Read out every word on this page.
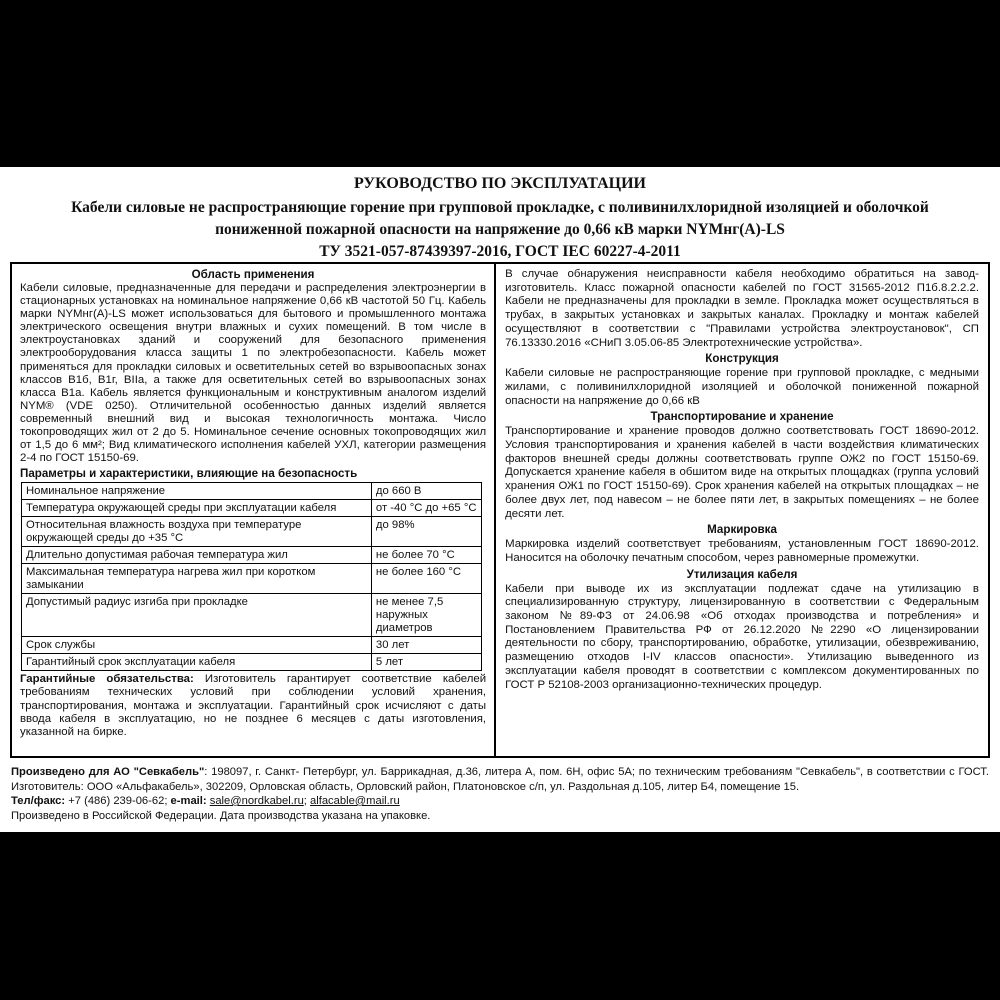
РУКОВОДСТВО ПО ЭКСПЛУАТАЦИИ
Кабели силовые не распространяющие горение при групповой прокладке, с поливинилхлоридной изоляцией и оболочкой пониженной пожарной опасности на напряжение до 0,66 кВ марки NYMнг(А)-LS
ТУ 3521-057-87439397-2016, ГОСТ IEC 60227-4-2011
Область применения

Кабели силовые, предназначенные для передачи и распределения электроэнергии в стационарных установках на номинальное напряжение 0,66 кВ частотой 50 Гц. Кабель марки NYMнг(А)-LS может использоваться для бытового и промышленного монтажа электрического освещения внутри влажных и сухих помещений. В том числе в электроустановках зданий и сооружений для безопасного применения электрооборудования класса защиты 1 по электробезопасности. Кабель может применяться для прокладки силовых и осветительных сетей во взрывоопасных зонах классов В1б, В1г, ВIIа, а также для осветительных сетей во взрывоопасных зонах класса В1а. Кабель является функциональным и конструктивным аналогом изделий NYM® (VDE 0250). Отличительной особенностью данных изделий является современный внешний вид и высокая технологичность монтажа. Число токопроводящих жил от 2 до 5. Номинальное сечение основных токопроводящих жил от 1,5 до 6 мм²; Вид климатического исполнения кабелей УХЛ, категории размещения 2-4 по ГОСТ 15150-69.

Параметры и характеристики, влияющие на безопасность
Номинальное напряжение	до 660 В
Температура окружающей среды при эксплуатации кабеля	от -40 °С до +65 °С
Относительная влажность воздуха при температуре окружающей среды до +35 °С	до 98%
Длительно допустимая рабочая температура жил	не более 70 °С
Максимальная температура нагрева жил при коротком замыкании	не более 160 °С
Допустимый радиус изгиба при прокладке	не менее 7,5 наружных диаметров
Срок службы	30 лет
Гарантийный срок эксплуатации кабеля	5 лет

Гарантийные обязательства: Изготовитель гарантирует соответствие кабелей требованиям технических условий при соблюдении условий хранения, транспортирования, монтажа и эксплуатации. Гарантийный срок исчисляют с даты ввода кабеля в эксплуатацию, но не позднее 6 месяцев с даты изготовления, указанной на бирке.

В случае обнаружения неисправности кабеля необходимо обратиться на завод-изготовитель. Класс пожарной опасности кабелей по ГОСТ 31565-2012 П1б.8.2.2.2. Кабели не предназначены для прокладки в земле. Прокладка может осуществляться в трубах, в закрытых установках и закрытых каналах. Прокладку и монтаж кабелей осуществляют в соответствии с "Правилами устройства электроустановок", СП 76.13330.2016 «СНиП 3.05.06-85 Электротехнические устройства».

Конструкция

Кабели силовые не распространяющие горение при групповой прокладке, с медными жилами, с поливинилхлоридной изоляцией и оболочкой пониженной пожарной опасности на напряжение до 0,66 кВ

Транспортирование и хранение

Транспортирование и хранение проводов должно соответствовать ГОСТ 18690-2012. Условия транспортирования и хранения кабелей в части воздействия климатических факторов внешней среды должны соответствовать группе ОЖ2 по ГОСТ 15150-69. Допускается хранение кабеля в обшитом виде на открытых площадках (группа условий хранения ОЖ1 по ГОСТ 15150-69). Срок хранения кабелей на открытых площадках – не более двух лет, под навесом – не более пяти лет, в закрытых помещениях – не более десяти лет.

Маркировка

Маркировка изделий соответствует требованиям, установленным ГОСТ 18690-2012. Наносится на оболочку печатным способом, через равномерные промежутки.

Утилизация кабеля

Кабели при выводе их из эксплуатации подлежат сдаче на утилизацию в специализированную структуру, лицензированную в соответствии с Федеральным законом №89-ФЗ от 24.06.98 «Об отходах производства и потребления» и Постановлением Правительства РФ от 26.12.2020 №2290 «О лицензировании деятельности по сбору, транспортированию, обработке, утилизации, обезвреживанию, размещению отходов I-IV классов опасности». Утилизацию выведенного из эксплуатации кабеля проводят в соответствии с комплексом документированных по ГОСТ Р 52108-2003 организационно-технических процедур.

Произведено для АО "Севкабель": 198097, г. Санкт- Петербург, ул. Баррикадная, д.36, литера А, пом. 6Н, офис 5А; по техническим требованиям "Севкабель", в соответствии с ГОСТ. Изготовитель: ООО «Альфакабель», 302209, Орловская область, Орловский район, Платоновское с/п, ул. Раздольная д.105, литер Б4, помещение 15.

Тел/факс: +7 (486) 239-06-62; e-mail: sale@nordkabel.ru; alfacable@mail.ru

Произведено в Российской Федерации. Дата производства указана на упаковке.
